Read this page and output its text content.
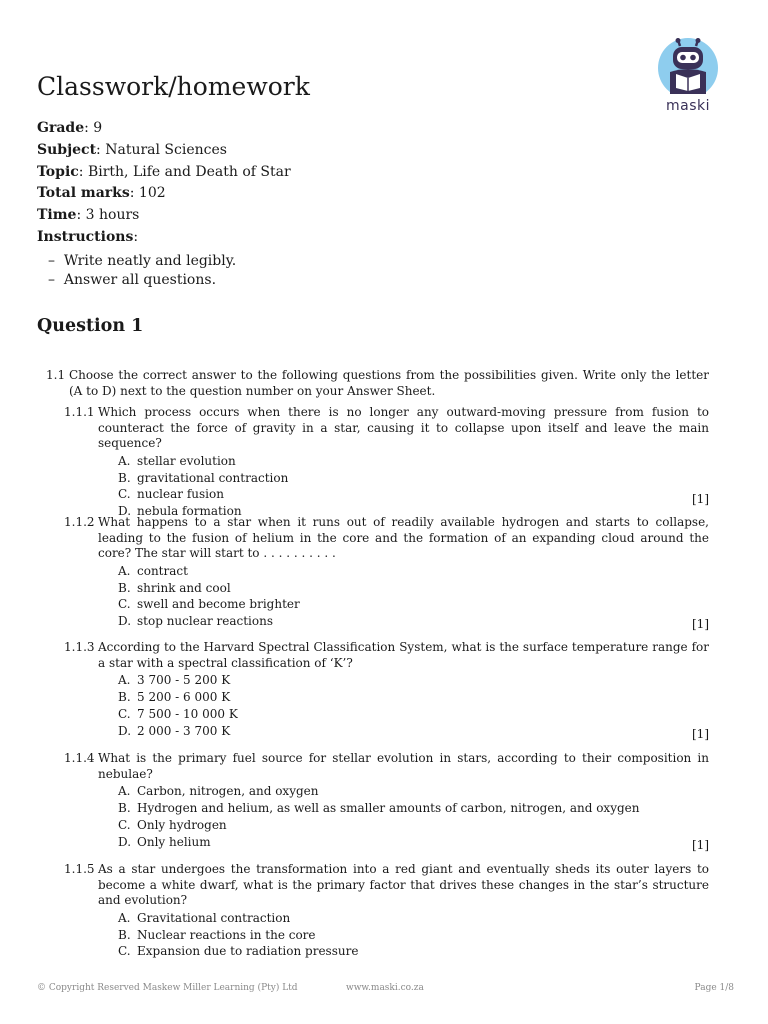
maski
Classwork/homework
Grade: 9
Subject: Natural Sciences
Topic: Birth, Life and Death of Star
Total marks: 102
Time: 3 hours
Instructions:
–  Write neatly and legibly.
–  Answer all questions.
Question 1
1.1 Choose the correct answer to the following questions from the possibilities given. Write only the letter (A to D) next to the question number on your Answer Sheet.
1.1.1 Which process occurs when there is no longer any outward-moving pressure from fusion to counteract the force of gravity in a star, causing it to collapse upon itself and leave the main sequence?
A. stellar evolution
B. gravitational contraction
C. nuclear fusion
D. nebula formation
[1]
1.1.2 What happens to a star when it runs out of readily available hydrogen and starts to collapse, leading to the fusion of helium in the core and the formation of an expanding cloud around the core? The star will start to . . . . . . . . . .
A. contract
B. shrink and cool
C. swell and become brighter
D. stop nuclear reactions	[1]
1.1.3 According to the Harvard Spectral Classification System, what is the surface temperature range for a star with a spectral classification of ‘K’?
A. 3 700 - 5 200 K
B. 5 200 - 6 000 K
C. 7 500 - 10 000 K
D. 2 000 - 3 700 K	[1]
1.1.4 What is the primary fuel source for stellar evolution in stars, according to their composition in nebulae?
A. Carbon, nitrogen, and oxygen
B. Hydrogen and helium, as well as smaller amounts of carbon, nitrogen, and oxygen
C. Only hydrogen
D. Only helium	[1]
1.1.5 As a star undergoes the transformation into a red giant and eventually sheds its outer layers to become a white dwarf, what is the primary factor that drives these changes in the star’s structure and evolution?
A. Gravitational contraction
B. Nuclear reactions in the core
C. Expansion due to radiation pressure
© Copyright Reserved Maskew Miller Learning (Pty) Ltd	www.maski.co.za	Page 1/8
